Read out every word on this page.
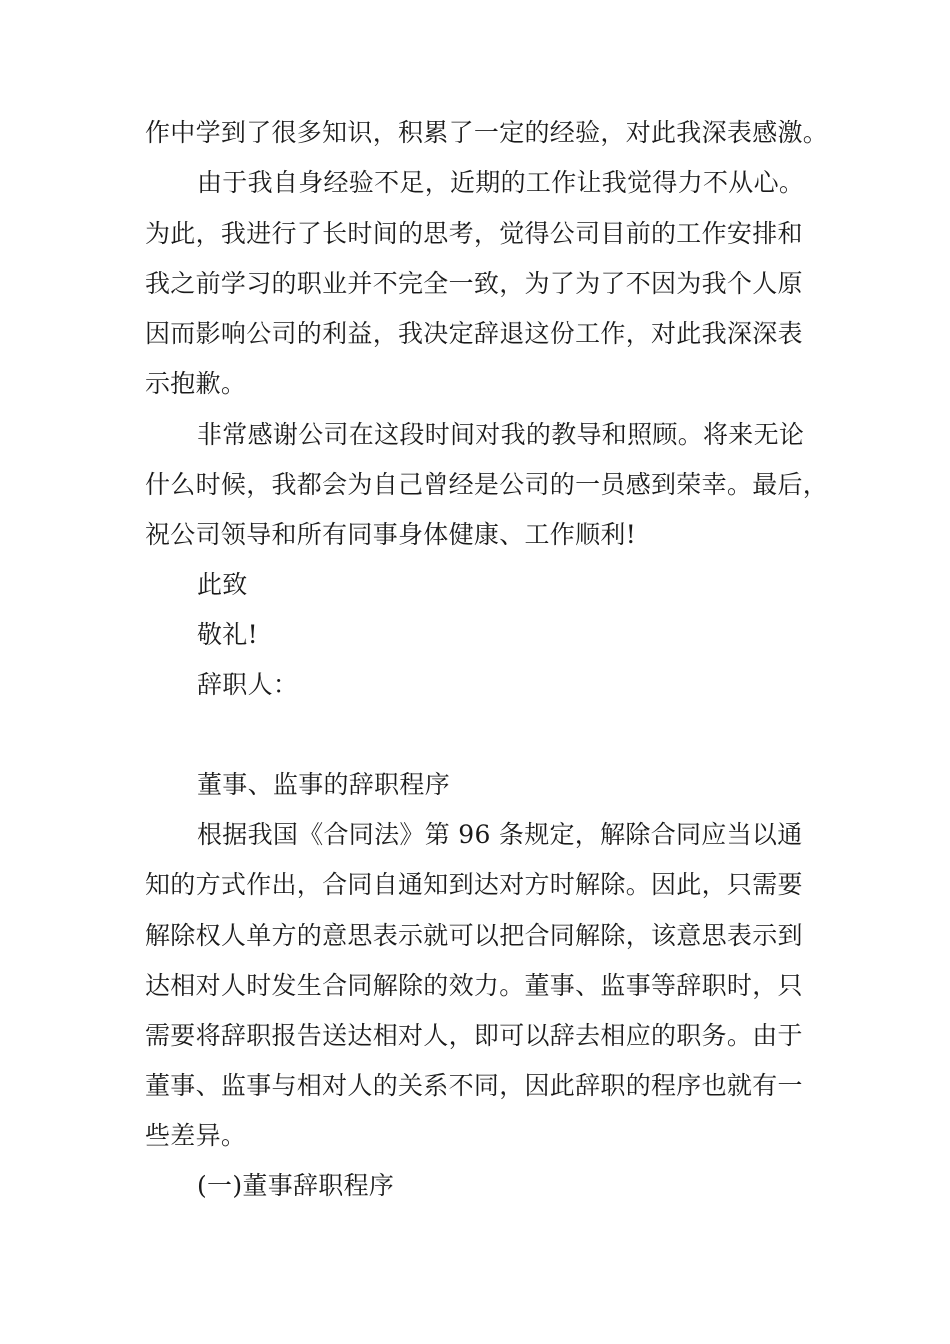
作中学到了很多知识，积累了一定的经验，对此我深表感激。
由于我自身经验不足，近期的工作让我觉得力不从心。
为此，我进行了长时间的思考，觉得公司目前的工作安排和
我之前学习的职业并不完全一致，为了为了不因为我个人原
因而影响公司的利益，我决定辞退这份工作，对此我深深表
示抱歉。
非常感谢公司在这段时间对我的教导和照顾。将来无论
什么时候，我都会为自己曾经是公司的一员感到荣幸。最后，
祝公司领导和所有同事身体健康、工作顺利!
此致
敬礼!
辞职人：
董事、监事的辞职程序
根据我国《合同法》第 96 条规定，解除合同应当以通
知的方式作出，合同自通知到达对方时解除。因此，只需要
解除权人单方的意思表示就可以把合同解除，该意思表示到
达相对人时发生合同解除的效力。董事、监事等辞职时，只
需要将辞职报告送达相对人，即可以辞去相应的职务。由于
董事、监事与相对人的关系不同，因此辞职的程序也就有一
些差异。
(一)董事辞职程序
